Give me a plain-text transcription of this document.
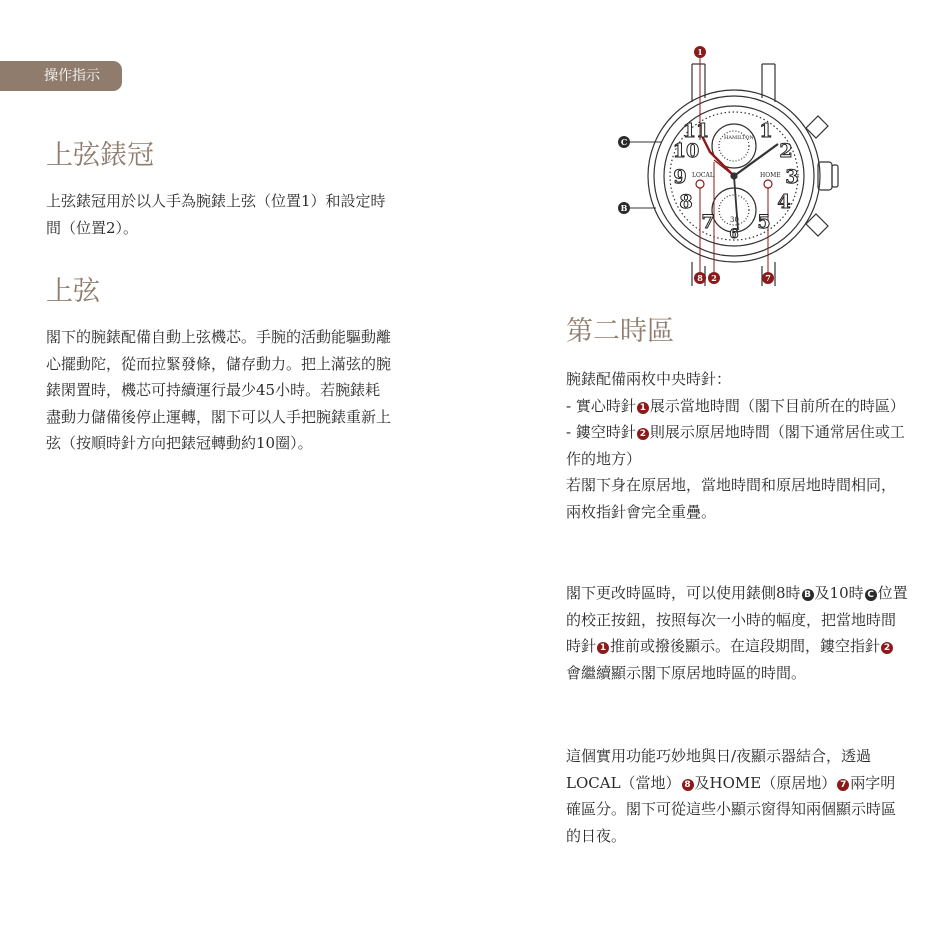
操作指示
上弦錶冠

上弦錶冠用於以人手為腕錶上弦（位置1）和設定時間（位置2）。

上弦

閣下的腕錶配備自動上弦機芯。手腕的活動能驅動離心擺動陀，從而拉緊發條，儲存動力。把上滿弦的腕錶閑置時，機芯可持續運行最少45小時。若腕錶耗盡動力儲備後停止運轉，閣下可以人手把腕錶重新上弦（按順時針方向把錶冠轉動約10圈）。

11	1
10	2
9	3
8	4
7 5
6
LOCAL	HOME
HAMILTON
30
1
C
B
8 2	7
第二時區
腕錶配備兩枚中央時針：
- 實心時針 1 展示當地時間（閣下目前所在的時區）
- 鏤空時針 2 則展示原居地時間（閣下通常居住或工作的地方）
若閣下身在原居地，當地時間和原居地時間相同，兩枚指針會完全重疊。

閣下更改時區時，可以使用錶側8時 B 及10時 C 位置的校正按鈕，按照每次一小時的幅度，把當地時間時針 1 推前或撥後顯示。在這段期間，鏤空指針 2會繼續顯示閣下原居地時區的時間。

這個實用功能巧妙地與日/夜顯示器結合，透過LOCAL（當地） 8 及HOME（原居地） 7 兩字明確區分。閣下可從這些小顯示窗得知兩個顯示時區的日夜。
